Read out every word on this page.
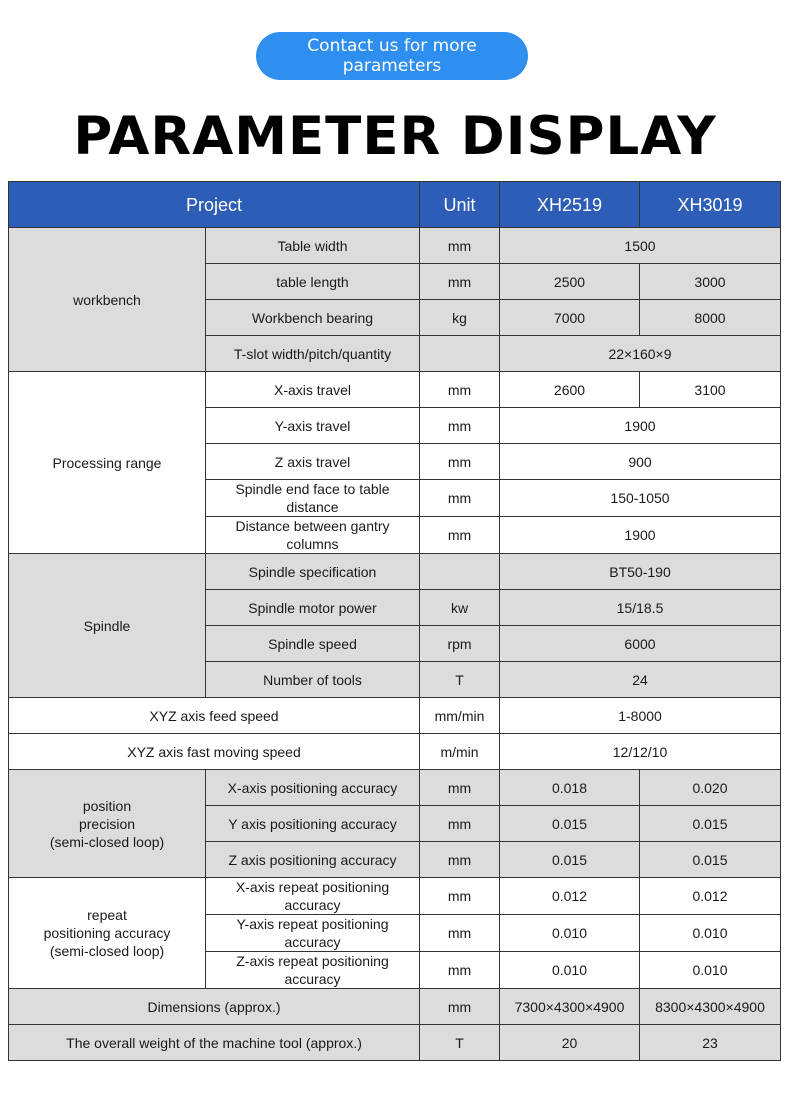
Contact us for more parameters
PARAMETER DISPLAY
Project		Unit	XH2519	XH3019
workbench	Table width	mm	1500	
	table length	mm	2500	3000
	Workbench bearing	kg	7000	8000
	T-slot width/pitch/quantity		22×160×9	
Processing range	X-axis travel	mm	2600	3100
	Y-axis travel	mm	1900	
	Z axis travel	mm	900	
	Spindle end face to table distance	mm	150-1050	
	Distance between gantry columns	mm	1900	
Spindle	Spindle specification		BT50-190	
	Spindle motor power	kw	15/18.5	
	Spindle speed	rpm	6000	
	Number of tools	T	24	
XYZ axis feed speed		mm/min	1-8000	
XYZ axis fast moving speed		m/min	12/12/10	

position
precision
(semi-closed loop)	X-axis positioning accuracy	mm	0.018	0.020
	Y axis positioning accuracy	mm	0.015	0.015
	Z axis positioning accuracy	mm	0.015	0.015

repeat
positioning accuracy
(semi-closed loop)	X-axis repeat positioning accuracy	mm	0.012	0.012
	Y-axis repeat positioning accuracy	mm	0.010	0.010
	Z-axis repeat positioning accuracy	mm	0.010	0.010
Dimensions (approx.)		mm	7300×4300×4900	8300×4300×4900
The overall weight of the machine tool (approx.)		T	20	23
